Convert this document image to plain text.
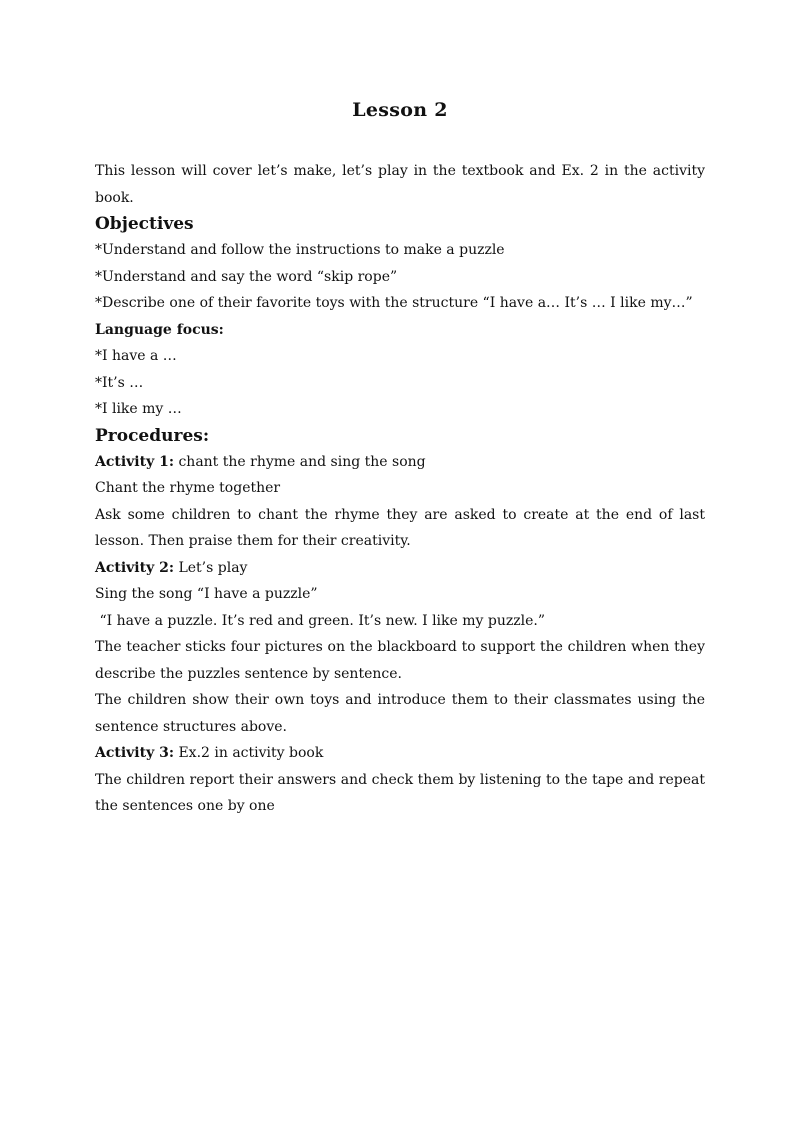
Lesson 2

This lesson will cover let’s make, let’s play in the textbook and Ex. 2 in the activity book.

Objectives

*Understand and follow the instructions to make a puzzle

*Understand and say the word “skip rope”

*Describe one of their favorite toys with the structure “I have a… It’s … I like my…”

Language focus:

*I have a …

*It’s …

*I like my …

Procedures:

Activity 1: chant the rhyme and sing the song

Chant the rhyme together

Ask some children to chant the rhyme they are asked to create at the end of last lesson. Then praise them for their creativity.

Activity 2: Let’s play

Sing the song “I have a puzzle”

“I have a puzzle. It’s red and green. It’s new. I like my puzzle.”

The teacher sticks four pictures on the blackboard to support the children when they describe the puzzles sentence by sentence.

The children show their own toys and introduce them to their classmates using the sentence structures above.

Activity 3: Ex.2 in activity book

The children report their answers and check them by listening to the tape and repeat the sentences one by one
